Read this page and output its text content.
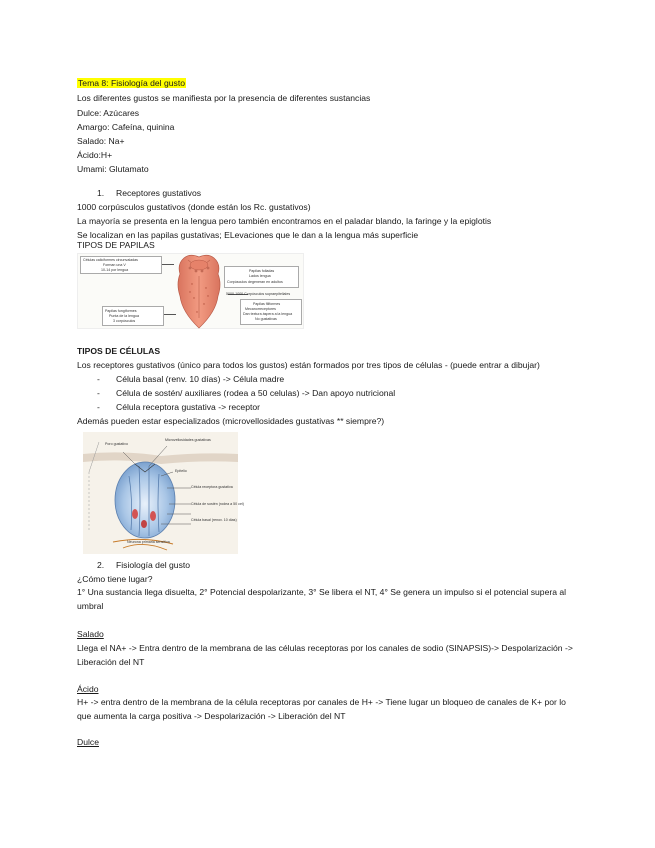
Tema 8: Fisiología del gusto
Los diferentes gustos se manifiesta por la presencia de diferentes sustancias
Dulce: Azúcares
Amargo: Cafeína, quinina
Salado: Na+
Ácido:H+
Umami: Glutamato
1. Receptores gustativos
1000 corpúsculos gustativos (donde están los Rc. gustativos)
La mayoría se presenta en la lengua pero también encontramos en el paladar blando, la faringe y la epiglotis
Se localizan en las papilas gustativas; ELevaciones que le dan a la lengua más superficie
TIPOS DE PAPILAS
Células caliciformes circunvaladas
Forman una V
10-14 por lengua
Papilas fungiformes
Punta de la lengua
3 corpúsculos
Papilas foliadas
Lados lengua
Corpúsculos degeneran en adultos
5000-1000 Corpúsculos supraepiteliales
Papilas filiformes
Mecanorreceptores
Dan textura áspera a la lengua
No gustativas
TIPOS DE CÉLULAS
Los receptores gustativos (único para todos los gustos) están formados por tres tipos de células - (puede entrar a dibujar)
- Célula basal (renv. 10 días) -> Célula madre
- Célula de sostén/ auxiliares (rodea a 50 celulas) -> Dan apoyo nutricional
- Célula receptora gustativa -> receptor
Además pueden estar especializados (microvellosidades gustativas ** siempre?)
Poro gustativo
Microvellosidades gustativas
Epitelio
Célula receptora gustativa
Célula de sostén (rodea a 50 cel)
Célula basal (renov. 10 días)
Neurona primaria sensitiva
2. Fisiología del gusto
¿Cómo tiene lugar?
1° Una sustancia llega disuelta, 2° Potencial despolarizante, 3° Se libera el NT, 4° Se genera un impulso si el potencial supera al
umbral
Salado
Llega el NA+ -> Entra dentro de la membrana de las células receptoras por los canales de sodio (SINAPSIS)-> Despolarización ->
Liberación del NT
Ácido
H+ -> entra dentro de la membrana de la célula receptoras por canales de H+ -> Tiene lugar un bloqueo de canales de K+ por lo
que aumenta la carga positiva -> Despolarización -> Liberación del NT
Dulce
